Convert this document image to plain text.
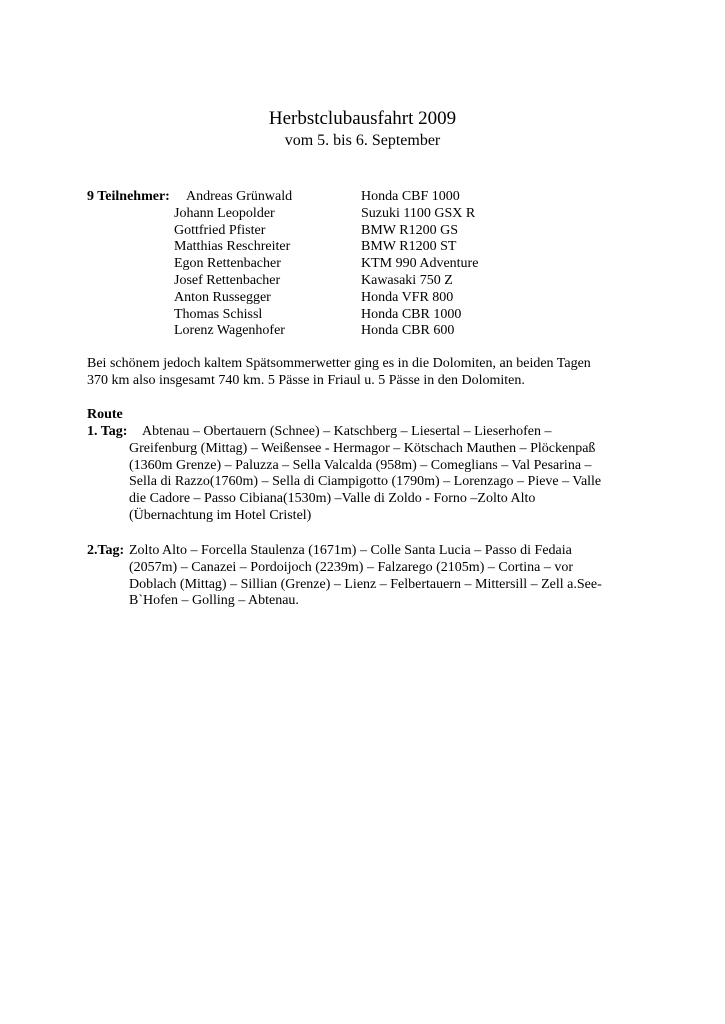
Herbstclubausfahrt 2009
vom 5. bis 6. September
9 Teilnehmer: Andreas Grünwald	Honda CBF 1000
Johann Leopolder	Suzuki 1100 GSX R
Gottfried Pfister	BMW R1200 GS
Matthias Reschreiter	BMW R1200 ST
Egon Rettenbacher	KTM 990 Adventure
Josef Rettenbacher	Kawasaki 750 Z
Anton Russegger	Honda VFR 800
Thomas Schissl	Honda CBR 1000
Lorenz Wagenhofer	Honda CBR 600
Bei schönem jedoch kaltem Spätsommerwetter ging es in die Dolomiten, an beiden Tagen
370 km also insgesamt 740 km. 5 Pässe in Friaul u. 5 Pässe in den Dolomiten.
Route
1. Tag: Abtenau – Obertauern (Schnee) – Katschberg – Liesertal – Lieserhofen –
Greifenburg (Mittag) – Weißensee - Hermagor – Kötschach Mauthen – Plöckenpaß
(1360m Grenze) – Paluzza – Sella Valcalda (958m) – Comeglians – Val Pesarina –
Sella di Razzo(1760m) – Sella di Ciampigotto (1790m) – Lorenzago – Pieve – Valle
die Cadore – Passo Cibiana(1530m) –Valle di Zoldo - Forno –Zolto Alto
(Übernachtung im Hotel Cristel)
2.Tag: Zolto Alto – Forcella Staulenza (1671m) – Colle Santa Lucia – Passo di Fedaia
(2057m) – Canazei – Pordoijoch (2239m) – Falzarego (2105m) – Cortina – vor
Doblach (Mittag) – Sillian (Grenze) – Lienz – Felbertauern – Mittersill – Zell a.See-
B`Hofen – Golling – Abtenau.
